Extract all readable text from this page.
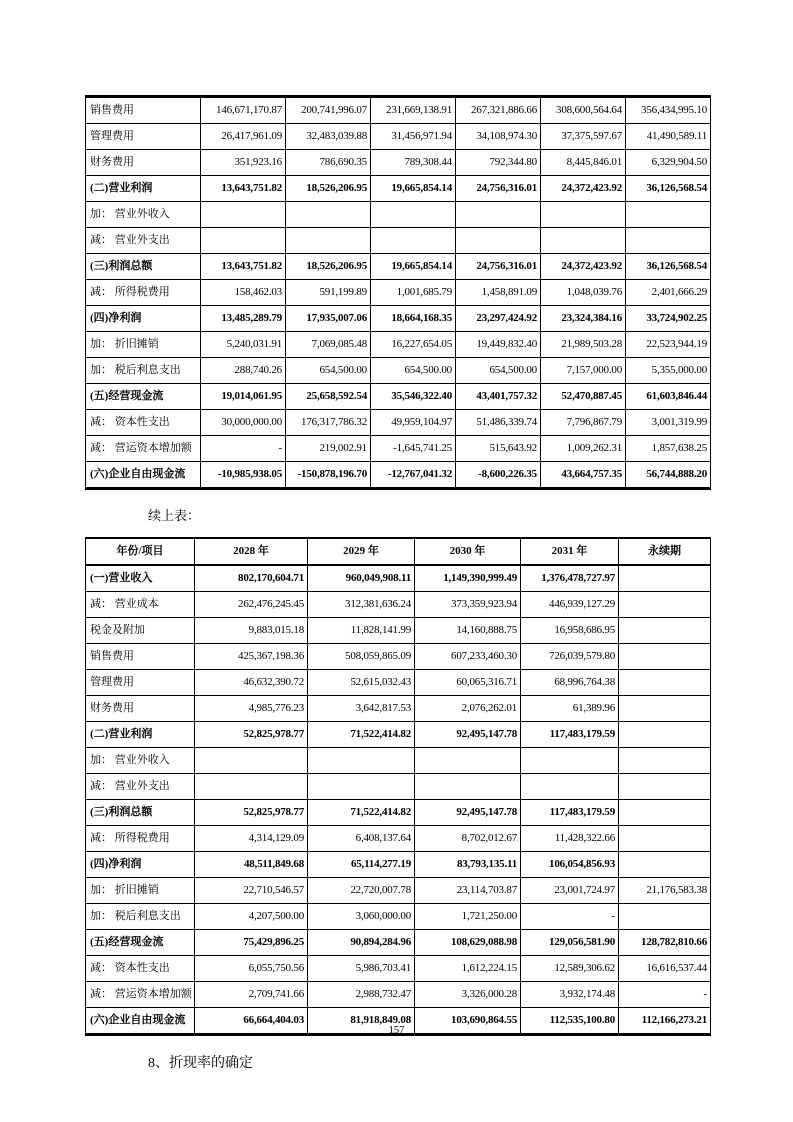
销售费用	146,671,170.87	200,741,996.07	231,669,138.91	267,321,886.66	308,600,564.64	356,434,995.10
管理费用	26,417,961.09	32,483,039.88	31,456,971.94	34,108,974.30	37,375,597.67	41,490,589.11
财务费用	351,923.16	786,690.35	789,308.44	792,344.80	8,445,846.01	6,329,904.50
(二)营业利润	13,643,751.82	18,526,206.95	19,665,854.14	24,756,316.01	24,372,423.92	36,126,568.54
加： 营业外收入						
减： 营业外支出						
(三)利润总额	13,643,751.82	18,526,206.95	19,665,854.14	24,756,316.01	24,372,423.92	36,126,568.54
减： 所得税费用	158,462.03	591,199.89	1,001,685.79	1,458,891.09	1,048,039.76	2,401,666.29
(四)净利润	13,485,289.79	17,935,007.06	18,664,168.35	23,297,424.92	23,324,384.16	33,724,902.25
加： 折旧摊销	5,240,031.91	7,069,085.48	16,227,654.05	19,449,832.40	21,989,503.28	22,523,944.19
加： 税后利息支出	288,740.26	654,500.00	654,500.00	654,500.00	7,157,000.00	5,355,000.00
(五)经营现金流	19,014,061.95	25,658,592.54	35,546,322.40	43,401,757.32	52,470,887.45	61,603,846.44
减： 资本性支出	30,000,000.00	176,317,786.32	49,959,104.97	51,486,339.74	7,796,867.79	3,001,319.99
减： 营运资本增加额	-	219,002.91	-1,645,741.25	515,643.92	1,009,262.31	1,857,638.25
(六)企业自由现金流	-10,985,938.05	-150,878,196.70	-12,767,041.32	-8,600,226.35	43,664,757.35	56,744,888.20

续上表：

年份/项目	2028 年	2029 年	2030 年	2031 年	永续期
(一)营业收入	802,170,604.71	960,049,908.11	1,149,390,999.49	1,376,478,727.97	
减： 营业成本	262,476,245.45	312,381,636.24	373,359,923.94	446,939,127.29	
税金及附加	9,883,015.18	11,828,141.99	14,160,888.75	16,958,686.95	
销售费用	425,367,198.36	508,059,865.09	607,233,460.30	726,039,579.80	
管理费用	46,632,390.72	52,615,032.43	60,065,316.71	68,996,764.38	
财务费用	4,985,776.23	3,642,817.53	2,076,262.01	61,389.96	
(二)营业利润	52,825,978.77	71,522,414.82	92,495,147.78	117,483,179.59	
加： 营业外收入					
减： 营业外支出					
(三)利润总额	52,825,978.77	71,522,414.82	92,495,147.78	117,483,179.59	
减： 所得税费用	4,314,129.09	6,408,137.64	8,702,012.67	11,428,322.66	
(四)净利润	48,511,849.68	65,114,277.19	83,793,135.11	106,054,856.93	
加： 折旧摊销	22,710,546.57	22,720,007.78	23,114,703.87	23,001,724.97	21,176,583.38
加： 税后利息支出	4,207,500.00	3,060,000.00	1,721,250.00	-	
(五)经营现金流	75,429,896.25	90,894,284.96	108,629,088.98	129,056,581.90	128,782,810.66
减： 资本性支出	6,055,750.56	5,986,703.41	1,612,224.15	12,589,306.62	16,616,537.44
减： 营运资本增加额	2,709,741.66	2,988,732.47	3,326,000.28	3,932,174.48	-
(六)企业自由现金流	66,664,404.03	81,918,849.08	103,690,864.55	112,535,100.80	112,166,273.21

8、折现率的确定

157
